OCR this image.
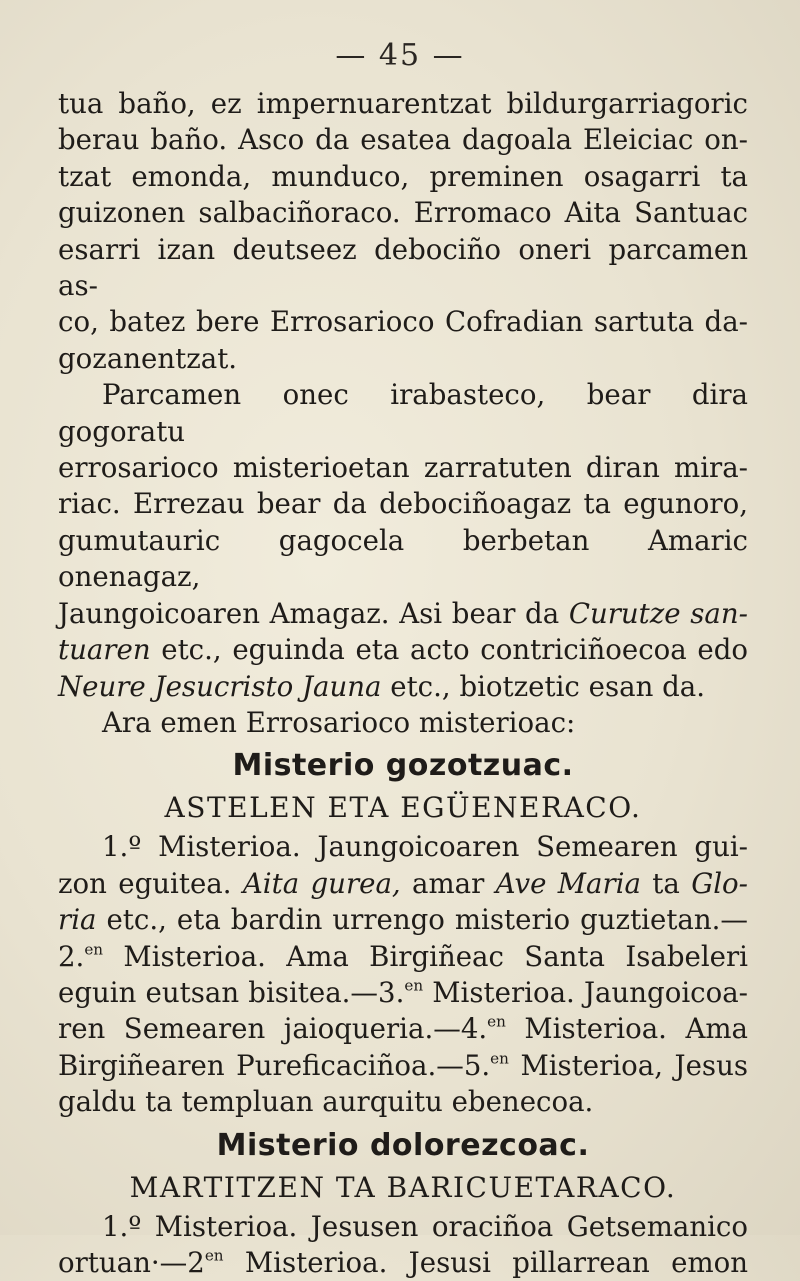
— 45 —

tua baño, ez impernuarentzat bildurgarriagoric

berau baño. Asco da esatea dagoala Eleiciac on-

tzat emonda, munduco, preminen osagarri ta

guizonen salbaciñoraco. Erromaco Aita Santuac

esarri izan deutseez debociño oneri parcamen as-

co, batez bere Errosarioco Cofradian sartuta da-

gozanentzat.

Parcamen onec irabasteco, bear dira gogoratu

errosarioco misterioetan zarratuten diran mira-

riac. Errezau bear da debociñoagaz ta egunoro,

gumutauric gagocela berbetan Amaric onenagaz,

Jaungoicoaren Amagaz. Asi bear da Curutze san-

tuaren etc., eguinda eta acto contriciñoecoa edo

Neure Jesucristo Jauna etc., biotzetic esan da.

Ara emen Errosarioco misterioac:

Misterio gozotzuac.
ASTELEN ETA EGÜENERACO.

1.º Misterioa. Jaungoicoaren Semearen gui-

zon eguitea. Aita gurea, amar Ave Maria ta Glo-

ria etc., eta bardin urrengo misterio guztietan.—

2.$^{en}$ Misterioa. Ama Birgiñeac Santa Isabeleri

eguin eutsan bisitea.—3.$^{en}$ Misterioa. Jaungoicoa-

ren Semearen jaioqueria.—4.$^{en}$ Misterioa. Ama

Birgiñearen Pureficaciñoa.—5.$^{en}$ Misterioa, Jesus

galdu ta templuan aurquitu ebenecoa.

Misterio dolorezcoac.
MARTITZEN TA BARICUETARACO.

1.º Misterioa. Jesusen oraciñoa Getsemanico

$ortuan\cdot—2^{en}$ Misterioa. Jesusi pillarrean emon
